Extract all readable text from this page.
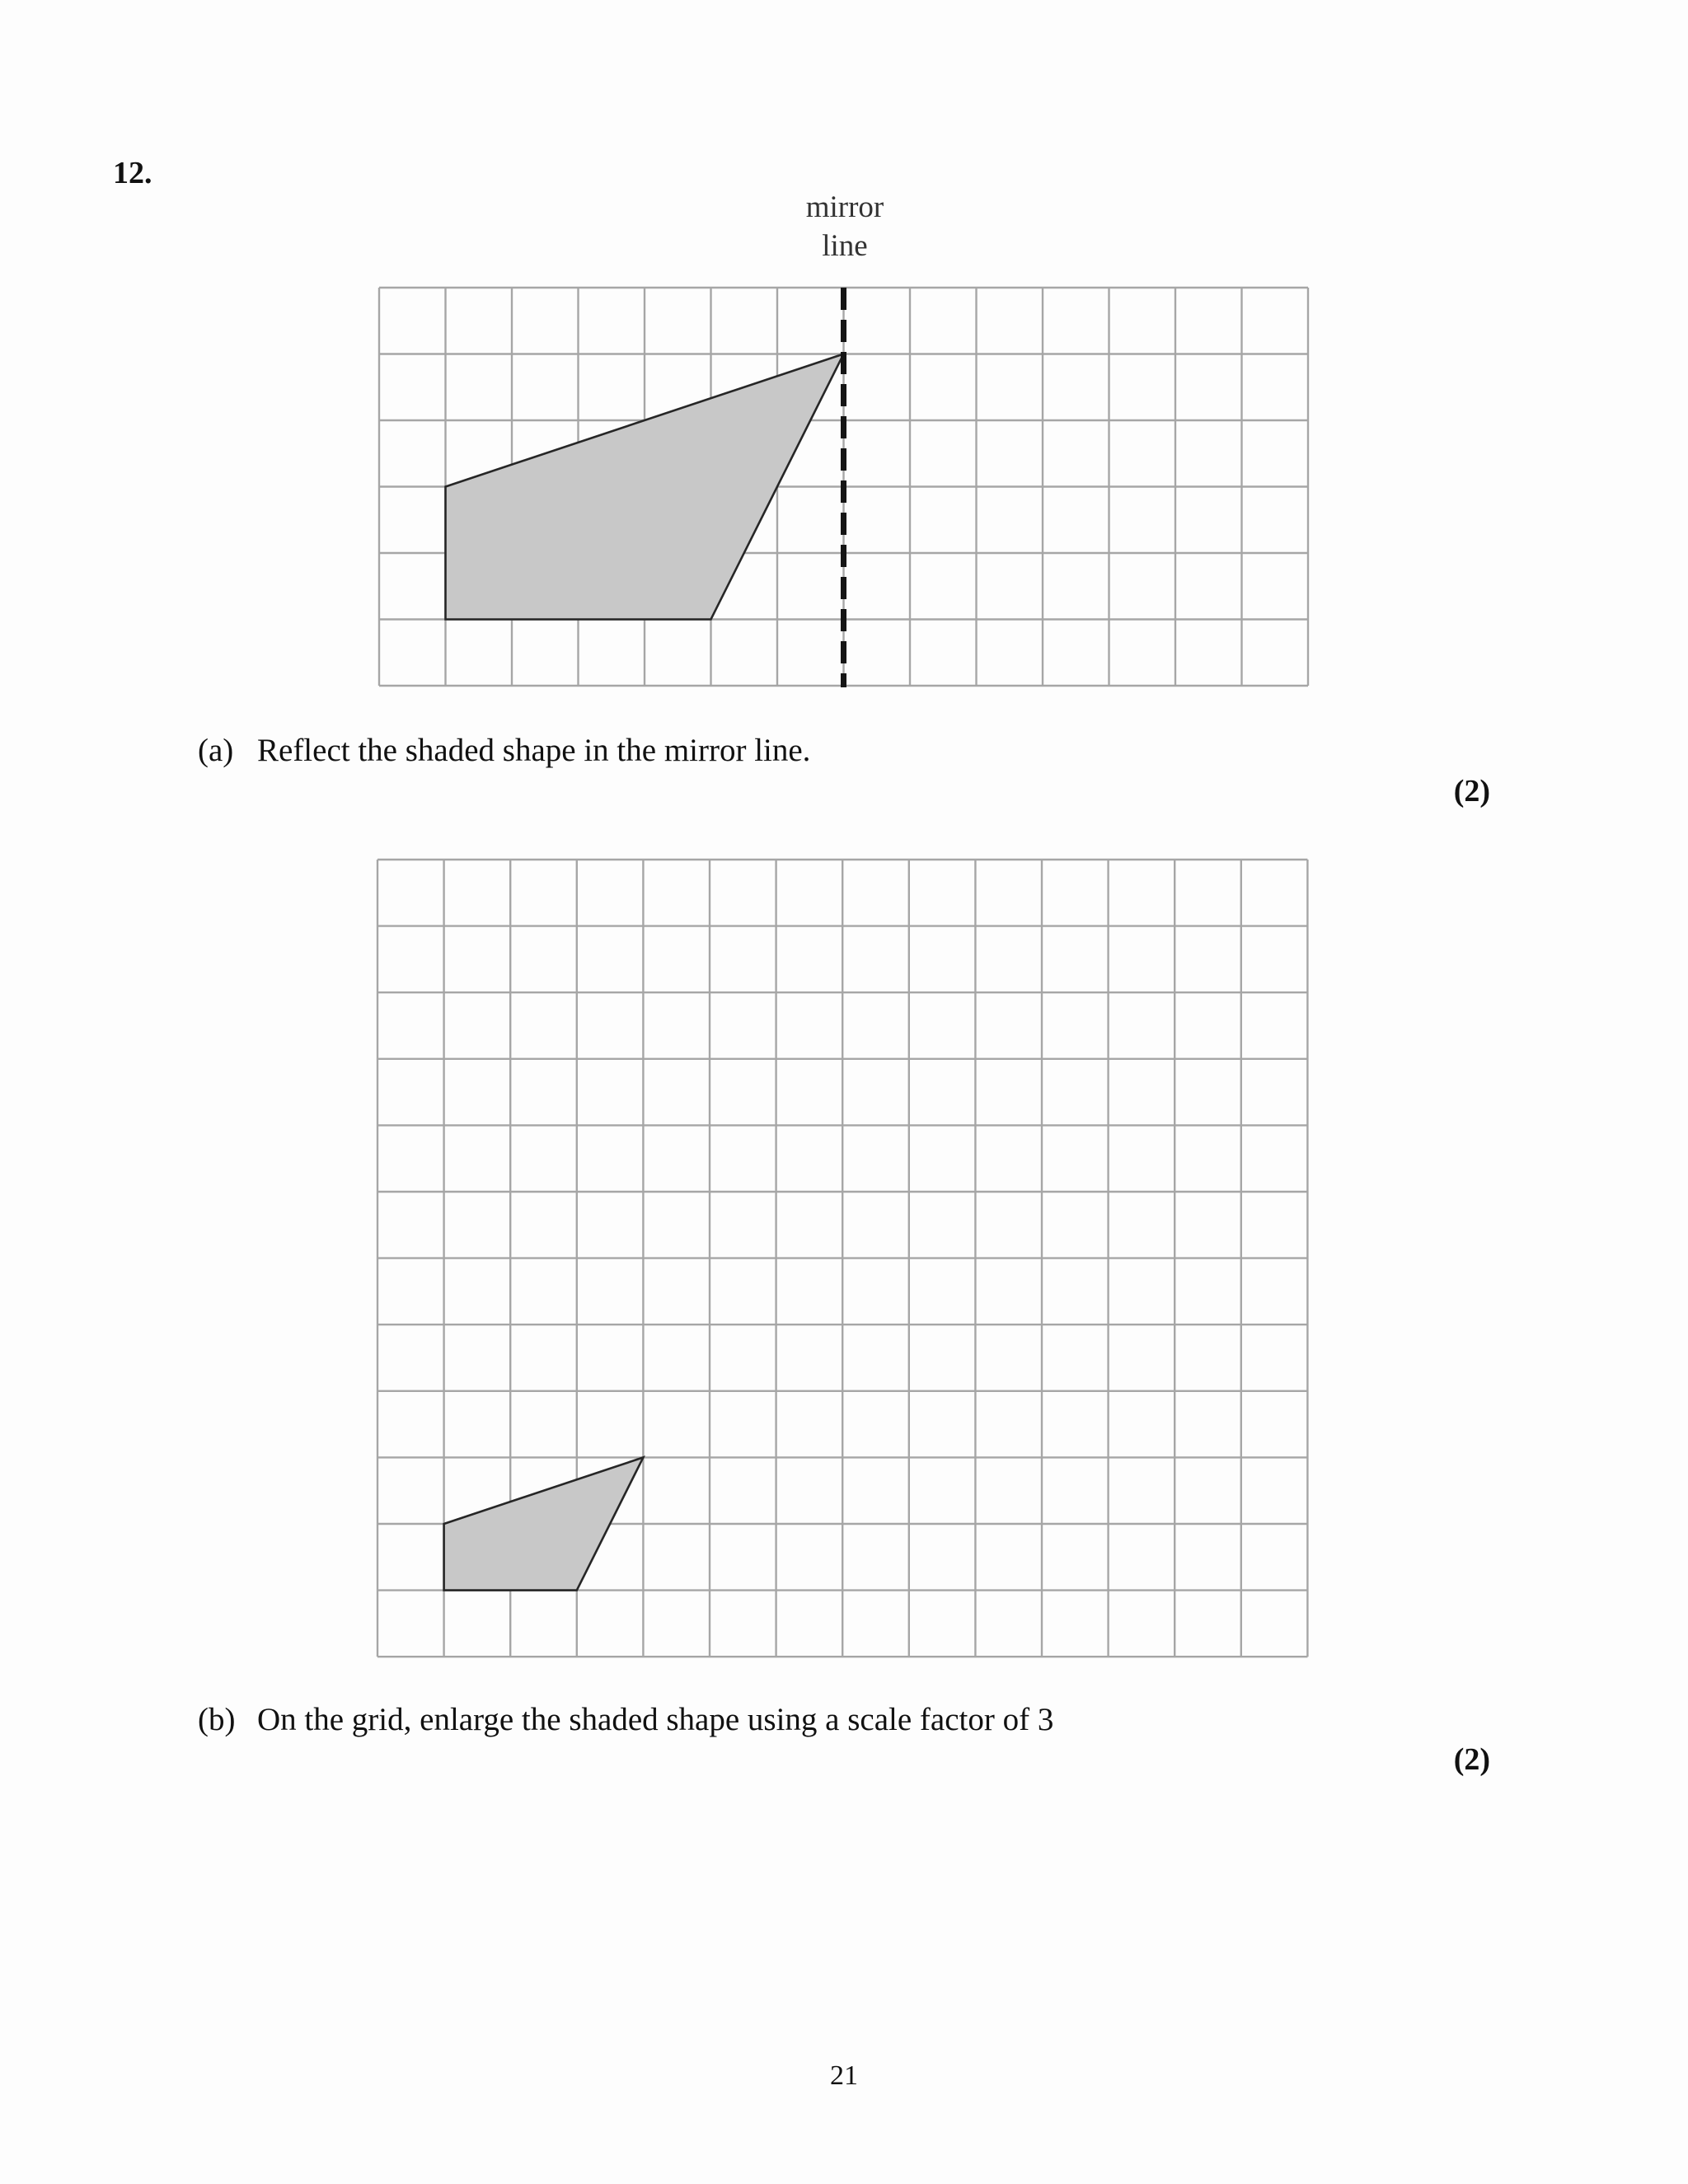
12.
mirror
line
(a) Reflect the shaded shape in the mirror line.
(2)
(b) On the grid, enlarge the shaded shape using a scale factor of 3
(2)
21
